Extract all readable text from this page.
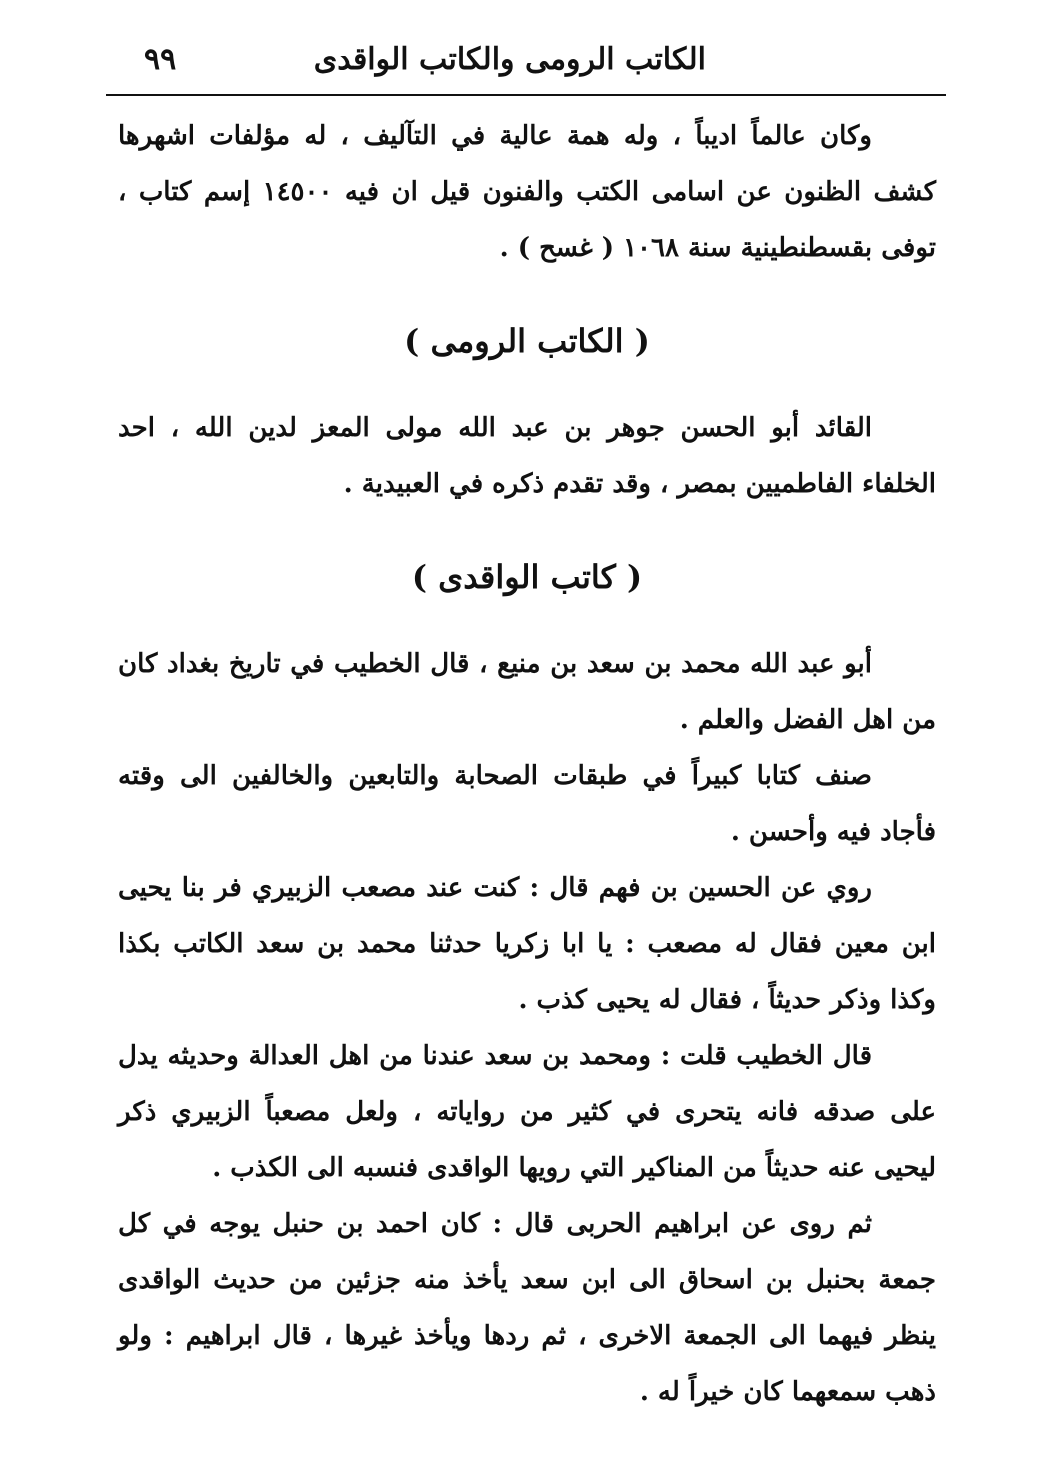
الكاتب الرومى والكاتب الواقدى
٩٩

وكان عالماً اديباً ، وله همة عالية في التآليف ، له مؤلفات اشهرها كشف الظنون عن اسامى الكتب والفنون قيل ان فيه ١٤٥٠٠ إسم كتاب ، توفى بقسطنطينية سنة ١٠٦٨ ( غسح ) .

( الكاتب الرومى )

القائد أبو الحسن جوهر بن عبد الله مولى المعز لدين الله ، احد الخلفاء الفاطميين بمصر ، وقد تقدم ذكره في العبيدية .

( كاتب الواقدى )

أبو عبد الله محمد بن سعد بن منيع ، قال الخطيب في تاريخ بغداد كان من اهل الفضل والعلم .

صنف كتابا كبيراً في طبقات الصحابة والتابعين والخالفين الى وقته فأجاد فيه وأحسن .

روي عن الحسين بن فهم قال : كنت عند مصعب الزبيري فر بنا يحيى ابن معين فقال له مصعب : يا ابا زكريا حدثنا محمد بن سعد الكاتب بكذا وكذا وذكر حديثاً ، فقال له يحيى كذب .

قال الخطيب قلت : ومحمد بن سعد عندنا من اهل العدالة وحديثه يدل على صدقه فانه يتحرى في كثير من رواياته ، ولعل مصعباً الزبيري ذكر ليحيى عنه حديثاً من المناكير التي رويها الواقدى فنسبه الى الكذب .

ثم روى عن ابراهيم الحربى قال : كان احمد بن حنبل يوجه في كل جمعة بحنبل بن اسحاق الى ابن سعد يأخذ منه جزئين من حديث الواقدى ينظر فيهما الى الجمعة الاخرى ، ثم ردها ويأخذ غيرها ، قال ابراهيم : ولو ذهب سمعهما كان خيراً له .
